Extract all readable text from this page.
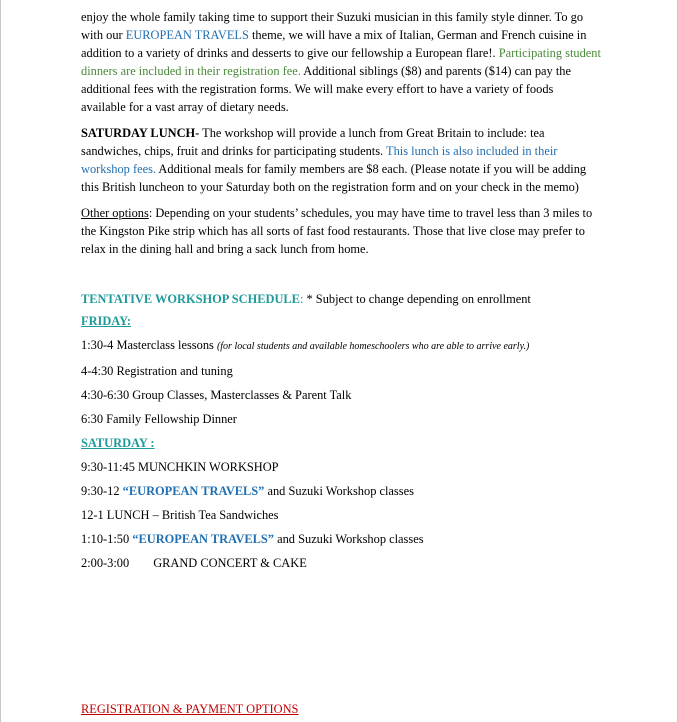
enjoy the whole family taking time to support their Suzuki musician in this family style dinner. To go with our EUROPEAN TRAVELS theme, we will have a mix of Italian, German and French cuisine in addition to a variety of drinks and desserts to give our fellowship a European flare!. Participating student dinners are included in their registration fee. Additional siblings ($8) and parents ($14) can pay the additional fees with the registration forms. We will make every effort to have a variety of foods available for a vast array of dietary needs.

SATURDAY LUNCH- The workshop will provide a lunch from Great Britain to include: tea sandwiches, chips, fruit and drinks for participating students. This lunch is also included in their workshop fees. Additional meals for family members are $8 each. (Please notate if you will be adding this British luncheon to your Saturday both on the registration form and on your check in the memo)

Other options: Depending on your students’ schedules, you may have time to travel less than 3 miles to the Kingston Pike strip which has all sorts of fast food restaurants. Those that live close may prefer to relax in the dining hall and bring a sack lunch from home.

TENTATIVE WORKSHOP SCHEDULE: * Subject to change depending on enrollment

FRIDAY:

1:30-4 Masterclass lessons (for local students and available homeschoolers who are able to arrive early.)

4-4:30 Registration and tuning

4:30-6:30 Group Classes, Masterclasses & Parent Talk

6:30 Family Fellowship Dinner

SATURDAY :

9:30-11:45 MUNCHKIN WORKSHOP

9:30-12 “EUROPEAN TRAVELS” and Suzuki Workshop classes

12-1 LUNCH – British Tea Sandwiches

1:10-1:50 “EUROPEAN TRAVELS” and Suzuki Workshop classes

2:00-3:00 GRAND CONCERT & CAKE

REGISTRATION & PAYMENT OPTIONS
